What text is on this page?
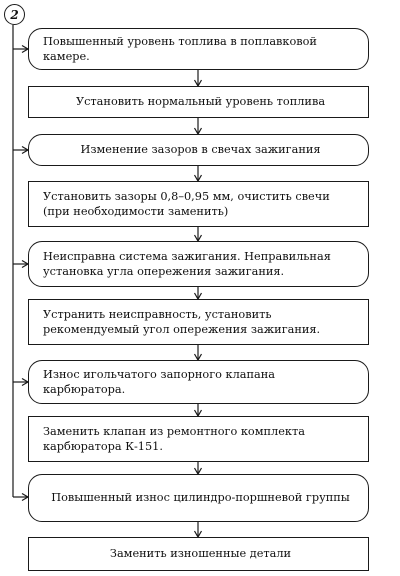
2
Повышенный уровень топлива в поплавковой камере.
Установить нормальный уровень топлива
Изменение зазоров в свечах зажигания
Установить зазоры 0,8–0,95 мм, очистить свечи (при необходимости заменить)
Неисправна система зажигания. Неправильная установка угла опережения зажигания.
Устранить неисправность, установить рекомендуемый угол опережения зажигания.
Износ игольчатого запорного клапана карбюратора.
Заменить клапан из ремонтного комплекта карбюратора К-151.
Повышенный износ цилиндро-поршневой группы
Заменить изношенные детали
